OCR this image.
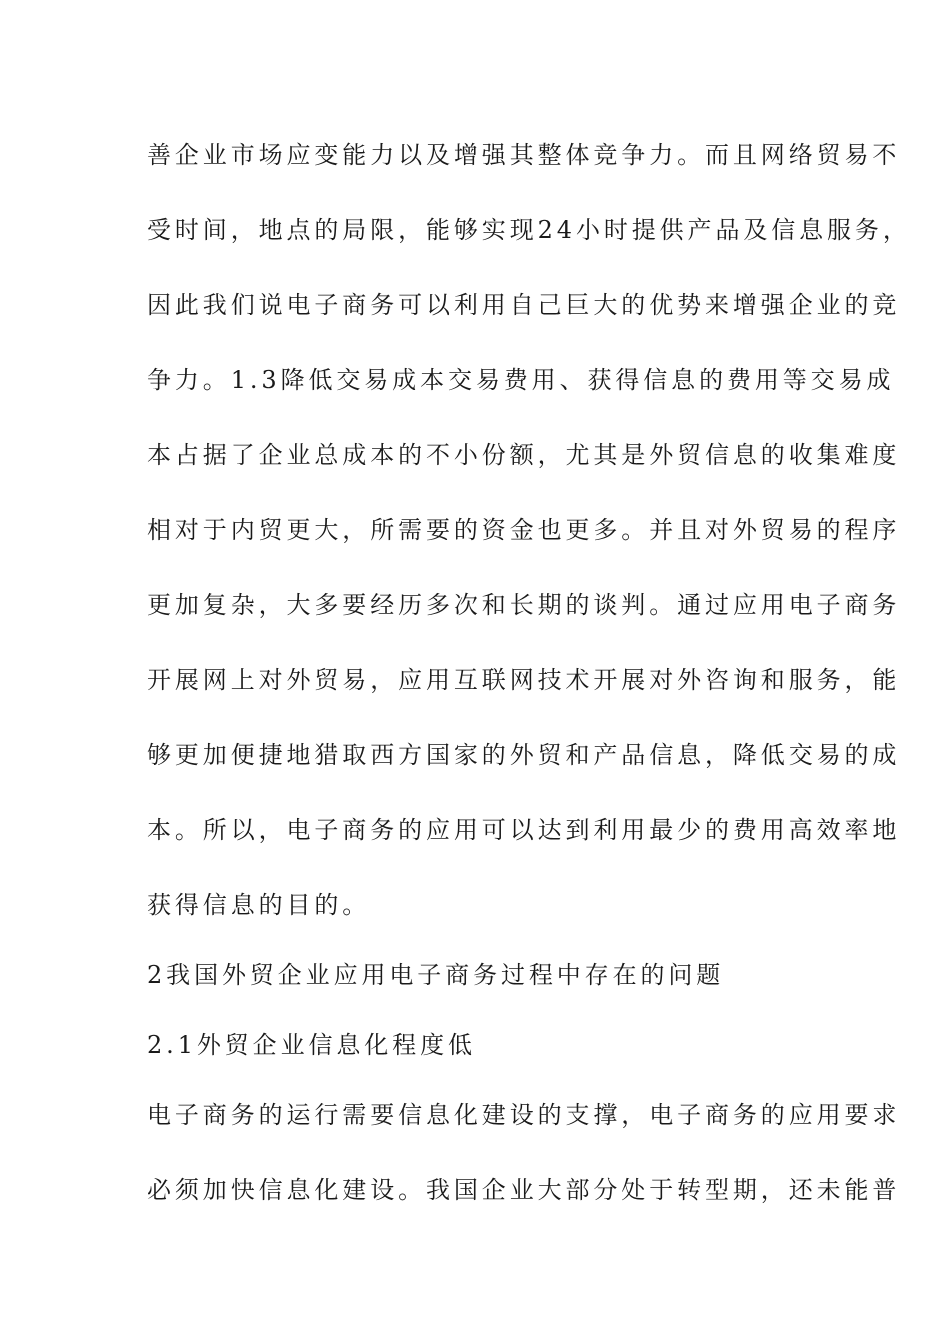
善企业市场应变能力以及增强其整体竞争力。而且网络贸易不
受时间，地点的局限，能够实现24小时提供产品及信息服务，
因此我们说电子商务可以利用自己巨大的优势来增强企业的竞
争力。1.3降低交易成本交易费用、获得信息的费用等交易成
本占据了企业总成本的不小份额，尤其是外贸信息的收集难度
相对于内贸更大，所需要的资金也更多。并且对外贸易的程序
更加复杂，大多要经历多次和长期的谈判。通过应用电子商务
开展网上对外贸易，应用互联网技术开展对外咨询和服务，能
够更加便捷地猎取西方国家的外贸和产品信息，降低交易的成
本。所以，电子商务的应用可以达到利用最少的费用高效率地
获得信息的目的。
2我国外贸企业应用电子商务过程中存在的问题
2.1外贸企业信息化程度低
电子商务的运行需要信息化建设的支撑，电子商务的应用要求
必须加快信息化建设。我国企业大部分处于转型期，还未能普
